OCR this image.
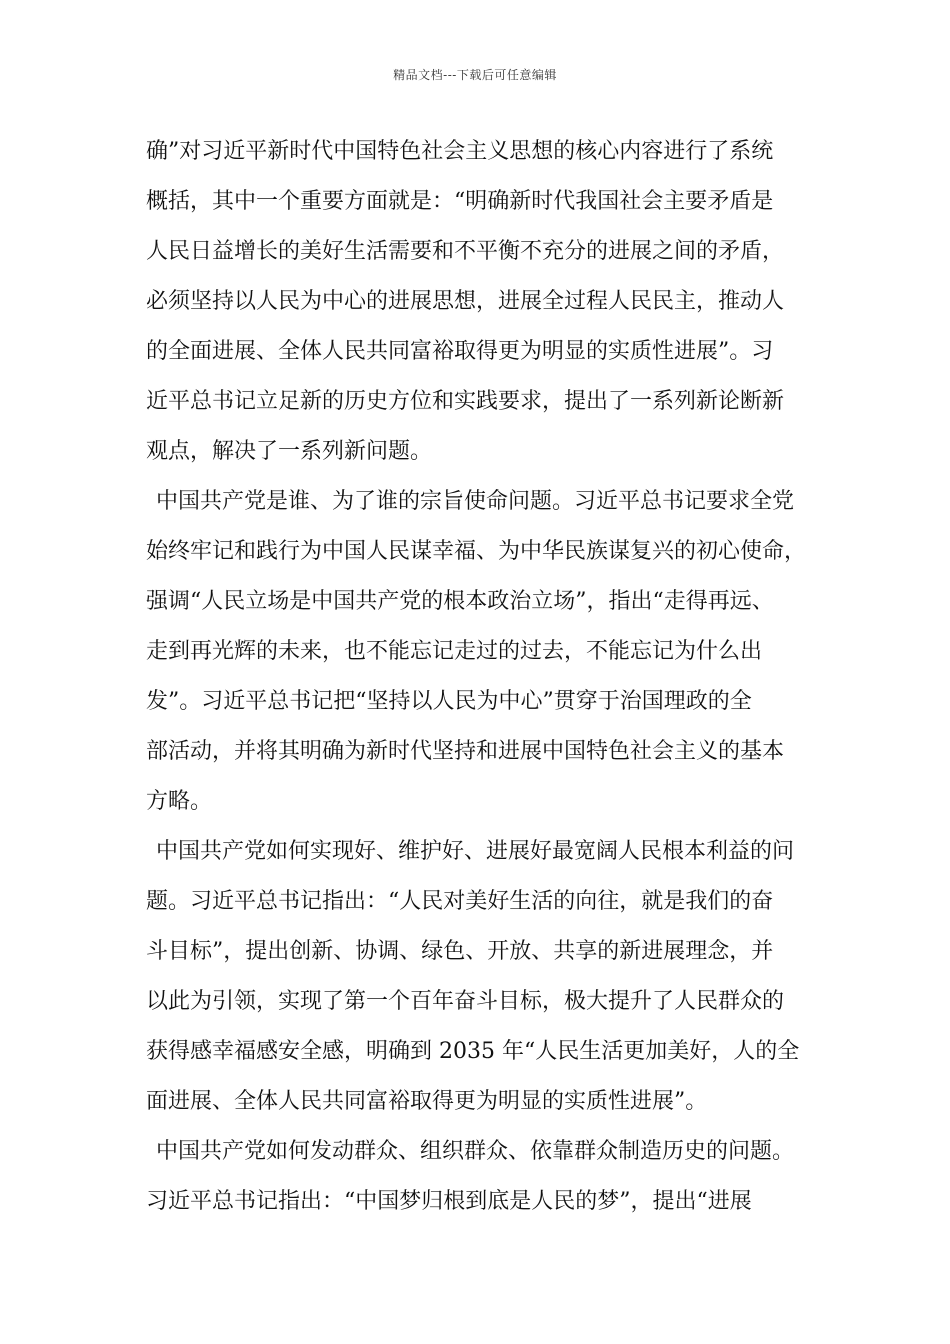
精品文档---下载后可任意编辑
确”对习近平新时代中国特色社会主义思想的核心内容进行了系统
概括，其中一个重要方面就是：“明确新时代我国社会主要矛盾是
人民日益增长的美好生活需要和不平衡不充分的进展之间的矛盾，
必须坚持以人民为中心的进展思想，进展全过程人民民主，推动人
的全面进展、全体人民共同富裕取得更为明显的实质性进展”。习
近平总书记立足新的历史方位和实践要求，提出了一系列新论断新
观点，解决了一系列新问题。
中国共产党是谁、为了谁的宗旨使命问题。习近平总书记要求全党
始终牢记和践行为中国人民谋幸福、为中华民族谋复兴的初心使命，
强调“人民立场是中国共产党的根本政治立场”，指出“走得再远、
走到再光辉的未来，也不能忘记走过的过去，不能忘记为什么出
发”。习近平总书记把“坚持以人民为中心”贯穿于治国理政的全
部活动，并将其明确为新时代坚持和进展中国特色社会主义的基本
方略。
中国共产党如何实现好、维护好、进展好最宽阔人民根本利益的问
题。习近平总书记指出：“人民对美好生活的向往，就是我们的奋
斗目标”，提出创新、协调、绿色、开放、共享的新进展理念，并
以此为引领，实现了第一个百年奋斗目标，极大提升了人民群众的
获得感幸福感安全感，明确到 2035 年“人民生活更加美好，人的全
面进展、全体人民共同富裕取得更为明显的实质性进展”。
中国共产党如何发动群众、组织群众、依靠群众制造历史的问题。
习近平总书记指出：“中国梦归根到底是人民的梦”，提出“进展
